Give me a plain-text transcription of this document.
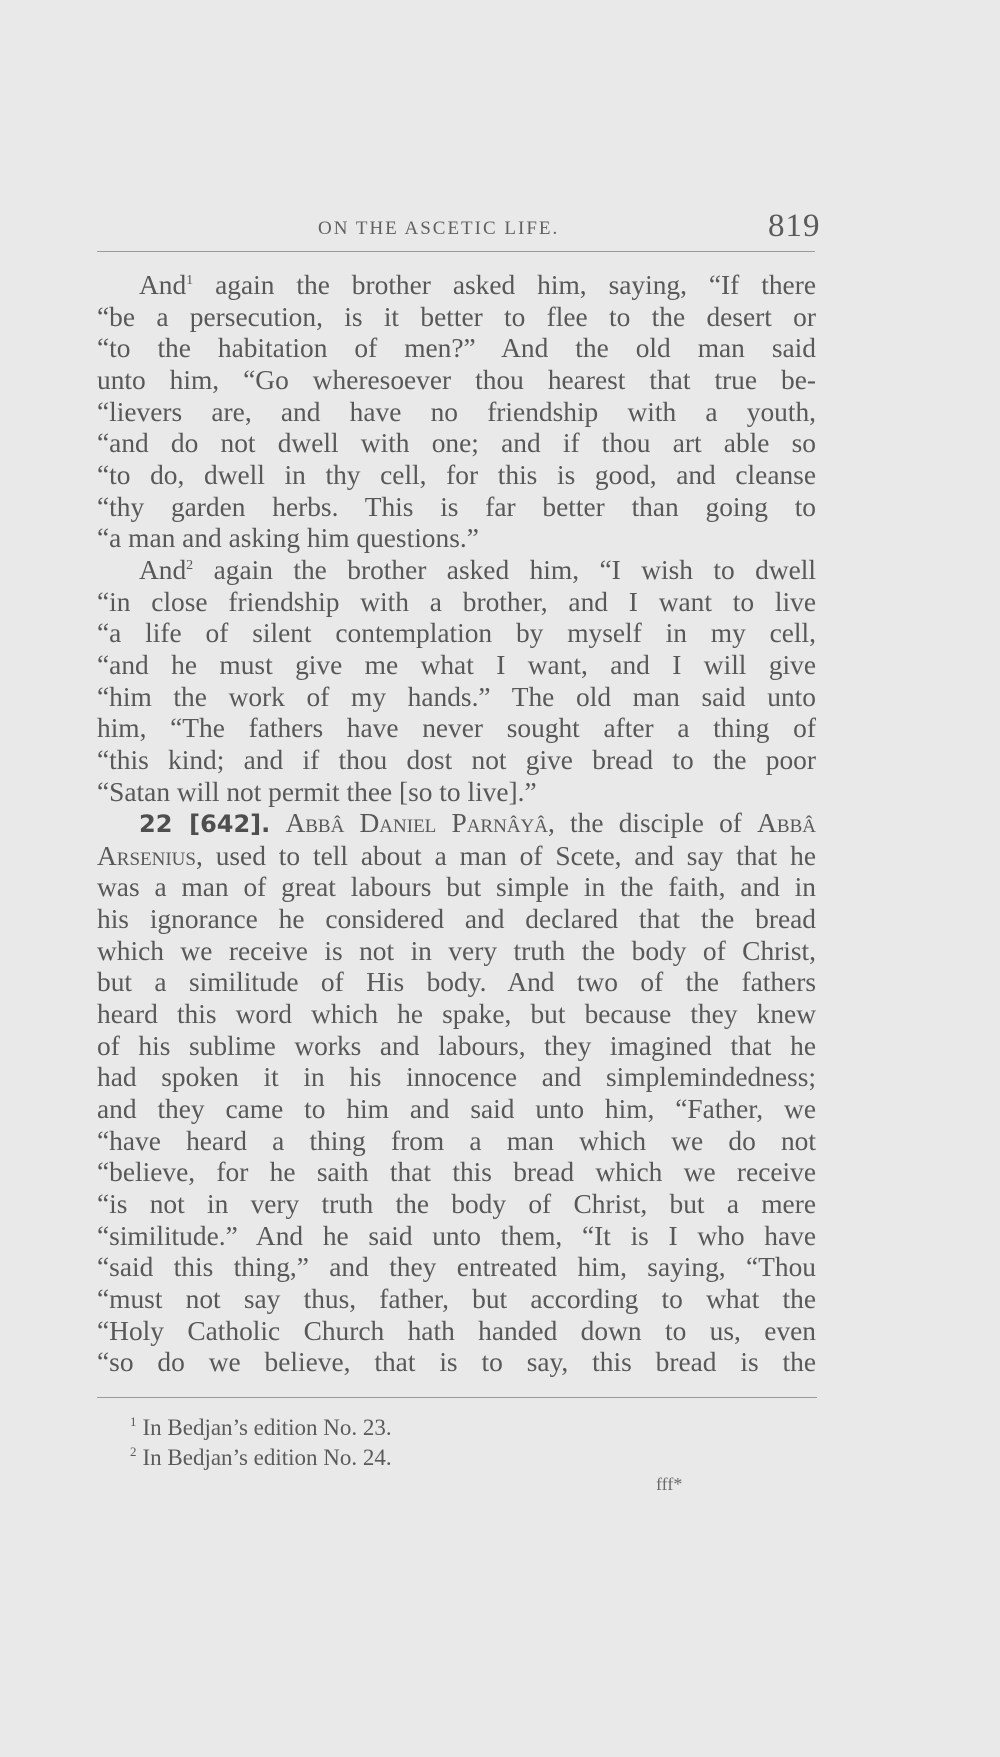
ON THE ASCETIC LIFE.	819
And$^1$ again the brother asked him, saying, “If there
“be a persecution, is it better to flee to the desert or
“to the habitation of men?” And the old man said
unto him, “Go wheresoever thou hearest that true be-
“lievers are, and have no friendship with a youth,
“and do not dwell with one; and if thou art able so
“to do, dwell in thy cell, for this is good, and cleanse
“thy garden herbs. This is far better than going to
“a man and asking him questions.”
And$^2$ again the brother asked him, “I wish to dwell
“in close friendship with a brother, and I want to live
“a life of silent contemplation by myself in my cell,
“and he must give me what I want, and I will give
“him the work of my hands.” The old man said unto
him, “The fathers have never sought after a thing of
“this kind; and if thou dost not give bread to the poor
“Satan will not permit thee [so to live].”
22 [642]. Abbâ Daniel Parnâyâ, the disciple of Abbâ
Arsenius, used to tell about a man of Scete, and say that he
was a man of great labours but simple in the faith, and in
his ignorance he considered and declared that the bread
which we receive is not in very truth the body of Christ,
but a similitude of His body. And two of the fathers
heard this word which he spake, but because they knew
of his sublime works and labours, they imagined that he
had spoken it in his innocence and simplemindedness;
and they came to him and said unto him, “Father, we
“have heard a thing from a man which we do not
“believe, for he saith that this bread which we receive
“is not in very truth the body of Christ, but a mere
“similitude.” And he said unto them, “It is I who have
“said this thing,” and they entreated him, saying, “Thou
“must not say thus, father, but according to what the
“Holy Catholic Church hath handed down to us, even
“so do we believe, that is to say, this bread is the
$^1$ In Bedjan’s edition No. 23.
$^2$ In Bedjan’s edition No. 24.
fff*
